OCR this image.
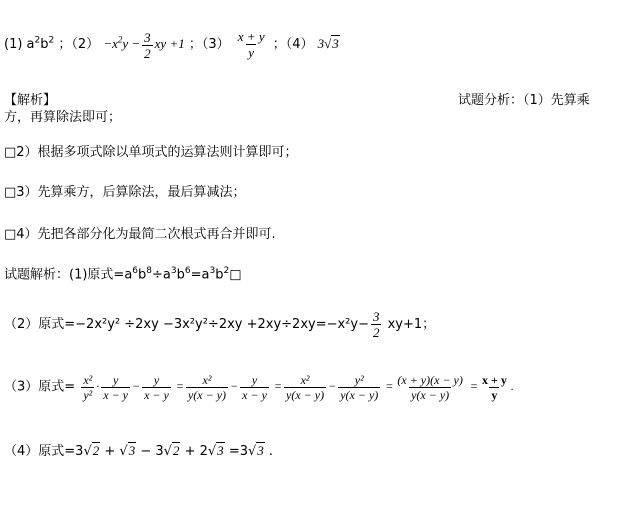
(1) $a^2b^2$ ；$(2) -x^2y - \frac{3}{2}$ xy +1 ；$(3) \frac{x + y}{y}$ ；（4） 3√3
【解析】	试题分析：（1）先算乘
方，再算除法即可；
□2）根据多项式除以单项式的运算法则计算即可；
□3）先算乘方，后算除法，最后算减法；
□4）先把各部分化为最简二次根式再合并即可.
试题解析：(1)原式$=a^6b^8\div a^3b^6=a^3b^2□$
（2）原式$=-2x^2y^2 \div 2xy -3x^2y^2\div 2xy +2xy\div 2xy=-x^2y- \frac{3}{2} xy+1$；
（3）原式= $\frac{\text{x²}}{\text{y²}} \cdot \frac{y}{x - y} - \frac{y}{x - y} = \frac{\text{x²}}{y(x - y)} - \frac{y}{x - y} = \frac{\text{x²}}{y(x - y)} - \frac{\text{y²}}{y(x - y)} = \frac{(x + y)(x - y)}{y(x - y)} = \frac{x + y}{y}$ .
（4）原式=3√2 + √3 − 3√2 + 2√3 =3√3 .
